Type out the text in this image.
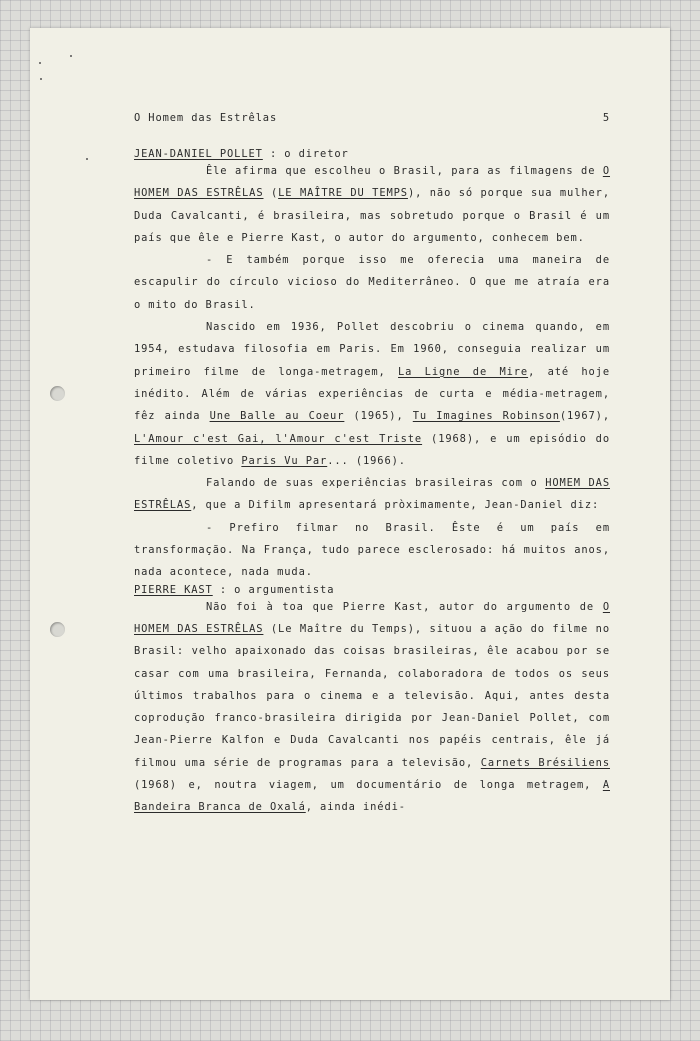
O Homem das Estrêlas	5

JEAN-DANIEL POLLET : o diretor

Êle afirma que escolheu o Brasil, para as filmagens de O HOMEM DAS ESTRÊLAS (LE MAÎTRE DU TEMPS), não só porque sua mulher, Duda Cavalcanti, é brasileira, mas sobretudo porque o Brasil é um país que êle e Pierre Kast, o autor do argumento, conhecem bem.

- E também porque isso me oferecia uma maneira de escapulir do círculo vicioso do Mediterrâneo. O que me atraía era o mito do Brasil.

Nascido em 1936, Pollet descobriu o cinema quando, em 1954, estudava filosofia em Paris. Em 1960, conseguia realizar um primeiro filme de longa-metragem, La Ligne de Mire, até hoje inédito. Além de várias experiências de curta e média-metragem, fêz ainda Une Balle au Coeur (1965), Tu Imagines Robinson(1967), L'Amour c'est Gai, l'Amour c'est Triste (1968), e um episódio do filme coletivo Paris Vu Par... (1966).

Falando de suas experiências brasileiras com o HOMEM DAS ESTRÊLAS, que a Difilm apresentará pròximamente, Jean-Daniel diz:

- Prefiro filmar no Brasil. Êste é um país em transformação. Na França, tudo parece esclerosado: há muitos anos, nada acontece, nada muda.

PIERRE KAST : o argumentista

Não foi à toa que Pierre Kast, autor do argumento de O HOMEM DAS ESTRÊLAS (Le Maître du Temps), situou a ação do filme no Brasil: velho apaixonado das coisas brasileiras, êle acabou por se casar com uma brasileira, Fernanda, colaboradora de todos os seus últimos trabalhos para o cinema e a televisão. Aqui, antes desta coprodução franco-brasileira dirigida por Jean-Daniel Pollet, com Jean-Pierre Kalfon e Duda Cavalcanti nos papéis centrais, êle já filmou uma série de programas para a televisão, Carnets Brésiliens (1968) e, noutra viagem, um documentário de longa metragem, A Bandeira Branca de Oxalá, ainda inédi-
